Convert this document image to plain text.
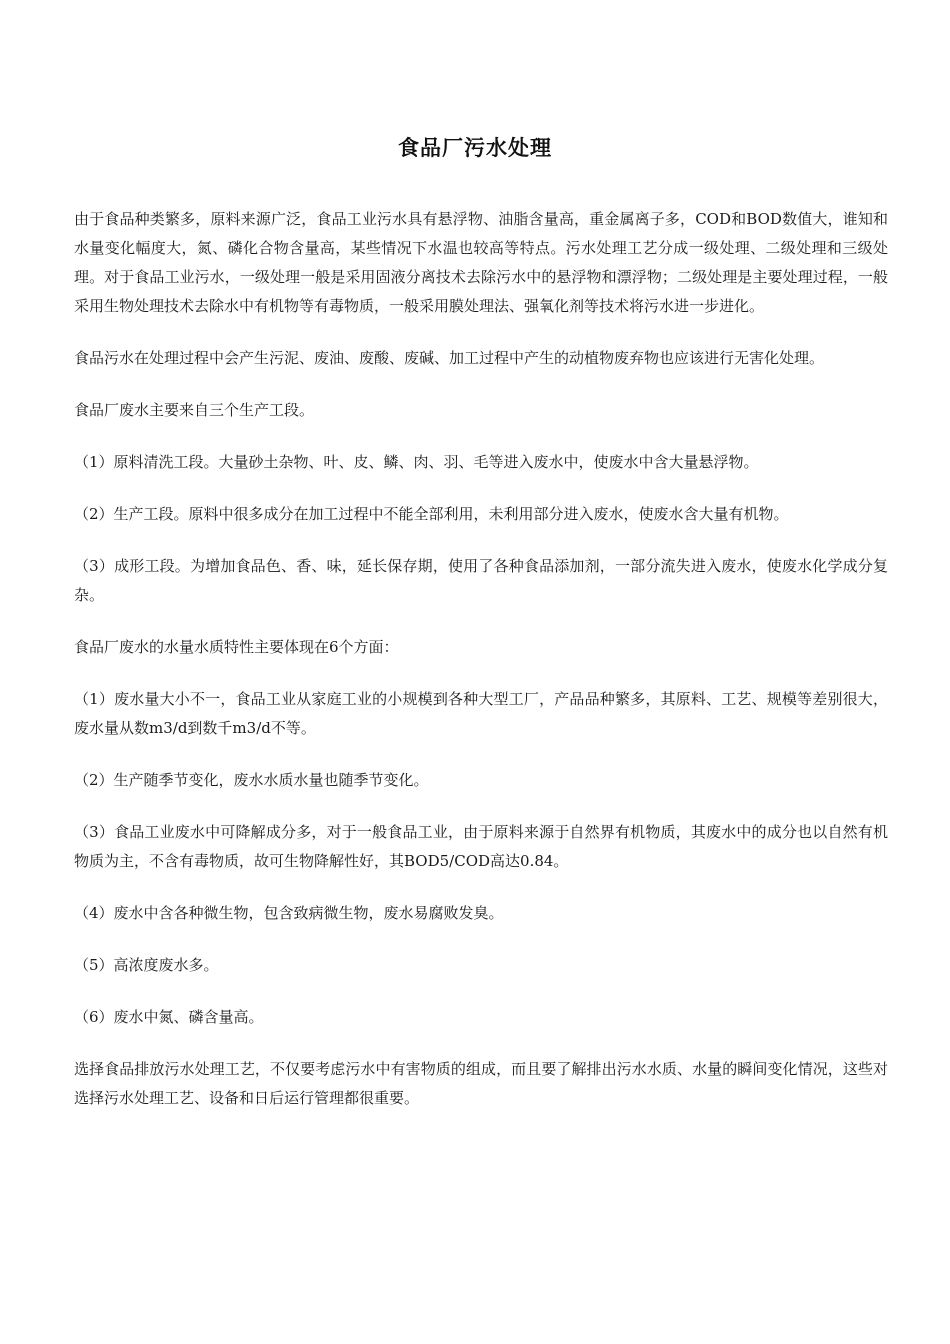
食品厂污水处理

由于食品种类繁多，原料来源广泛，食品工业污水具有悬浮物、油脂含量高，重金属离子多，COD和BOD数值大，谁知和水量变化幅度大，氮、磷化合物含量高，某些情况下水温也较高等特点。污水处理工艺分成一级处理、二级处理和三级处理。对于食品工业污水，一级处理一般是采用固液分离技术去除污水中的悬浮物和漂浮物；二级处理是主要处理过程，一般采用生物处理技术去除水中有机物等有毒物质，一般采用膜处理法、强氧化剂等技术将污水进一步进化。

食品污水在处理过程中会产生污泥、废油、废酸、废碱、加工过程中产生的动植物废弃物也应该进行无害化处理。

食品厂废水主要来自三个生产工段。

（1）原料清洗工段。大量砂土杂物、叶、皮、鳞、肉、羽、毛等进入废水中，使废水中含大量悬浮物。

（2）生产工段。原料中很多成分在加工过程中不能全部利用，未利用部分进入废水，使废水含大量有机物。

（3）成形工段。为增加食品色、香、味，延长保存期，使用了各种食品添加剂，一部分流失进入废水，使废水化学成分复杂。

食品厂废水的水量水质特性主要体现在6个方面：

（1）废水量大小不一，食品工业从家庭工业的小规模到各种大型工厂，产品品种繁多，其原料、工艺、规模等差别很大，废水量从数m3/d到数千m3/d不等。

（2）生产随季节变化，废水水质水量也随季节变化。

（3）食品工业废水中可降解成分多，对于一般食品工业，由于原料来源于自然界有机物质，其废水中的成分也以自然有机物质为主，不含有毒物质，故可生物降解性好，其BOD5/COD高达0.84。

（4）废水中含各种微生物，包含致病微生物，废水易腐败发臭。

（5）高浓度废水多。

（6）废水中氮、磷含量高。

选择食品排放污水处理工艺，不仅要考虑污水中有害物质的组成，而且要了解排出污水水质、水量的瞬间变化情况，这些对选择污水处理工艺、设备和日后运行管理都很重要。
